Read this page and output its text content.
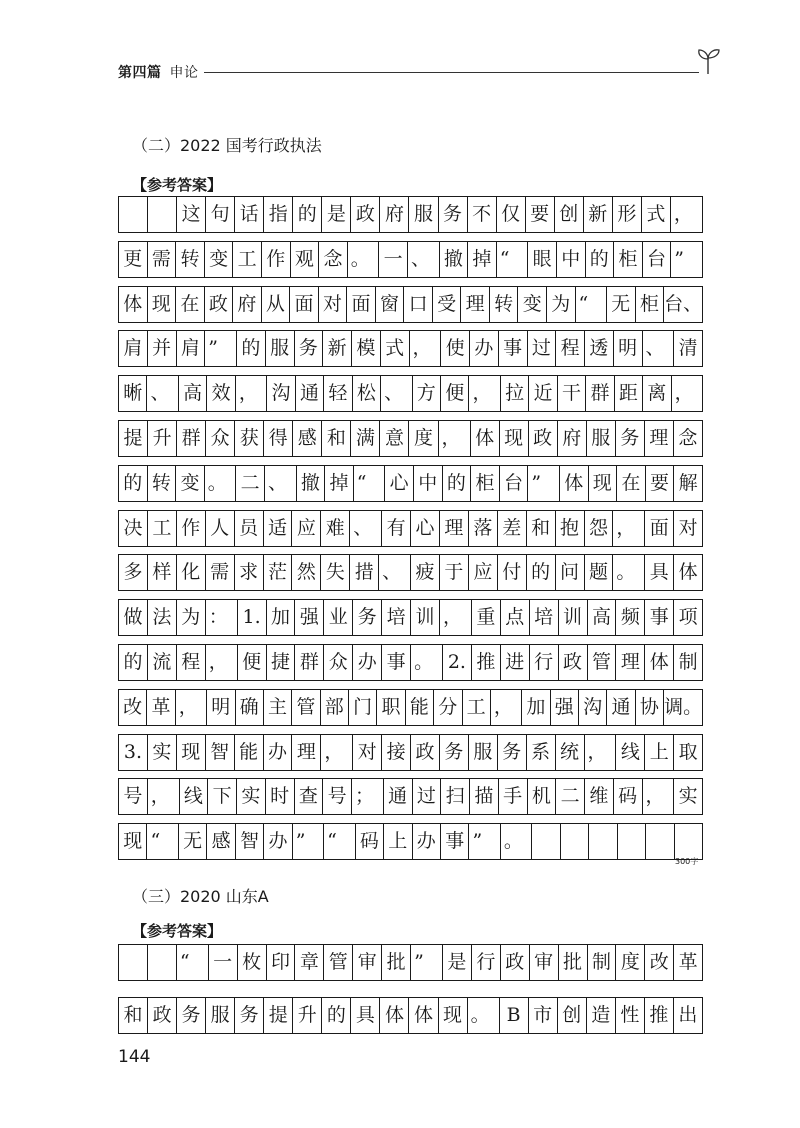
第四篇 申论
（二）2022 国考行政执法
【参考答案】
这 句 话 指 的 是 政 府 服 务 不 仅 要 创 新 形 式 ，
更 需 转 变 工 作 观 念 。 一 、 撤 掉 “	眼 中 的 柜 台 ”
体 现 在 政 府 从 面 对 面 窗 口 受 理 转 变 为 “	无 柜 台、
肩 并 肩 ”	的 服 务 新 模 式 ， 使 办 事 过 程 透 明 、 清
晰 、 高 效 ， 沟 通 轻 松 、 方 便 ， 拉 近 干 群 距 离 ，
提 升 群 众 获 得 感 和 满 意 度 ， 体 现 政 府 服 务 理 念
的 转 变 。 二 、 撤 掉 “	心 中 的 柜 台 ”	体 现 在 要 解
决 工 作 人 员 适 应 难 、 有 心 理 落 差 和 抱 怨 ， 面 对
多 样 化 需 求 茫 然 失 措 、 疲 于 应 付 的 问 题 。 具 体
做 法 为 ： 1. 加 强 业 务 培 训 ， 重 点 培 训 高 频 事 项
的 流 程 ， 便 捷 群 众 办 事 。 2. 推 进 行 政 管 理 体 制
改 革 ， 明 确 主 管 部 门 职 能 分 工 ， 加 强 沟 通 协 调。
3. 实 现 智 能 办 理 ， 对 接 政 务 服 务 系 统 ， 线 上 取
号 ， 线 下 实 时 查 号 ； 通 过 扫 描 手 机 二 维 码 ， 实
现 “	无 感 智 办 ”	“	码 上 办 事 ”	。
300字
（三）2020 山东A
【参考答案】
“	一 枚 印 章 管 审 批 ”	是 行 政 审 批 制 度 改 革
和 政 务 服 务 提 升 的 具 体 体 现 。 B 市 创 造 性 推 出
144
